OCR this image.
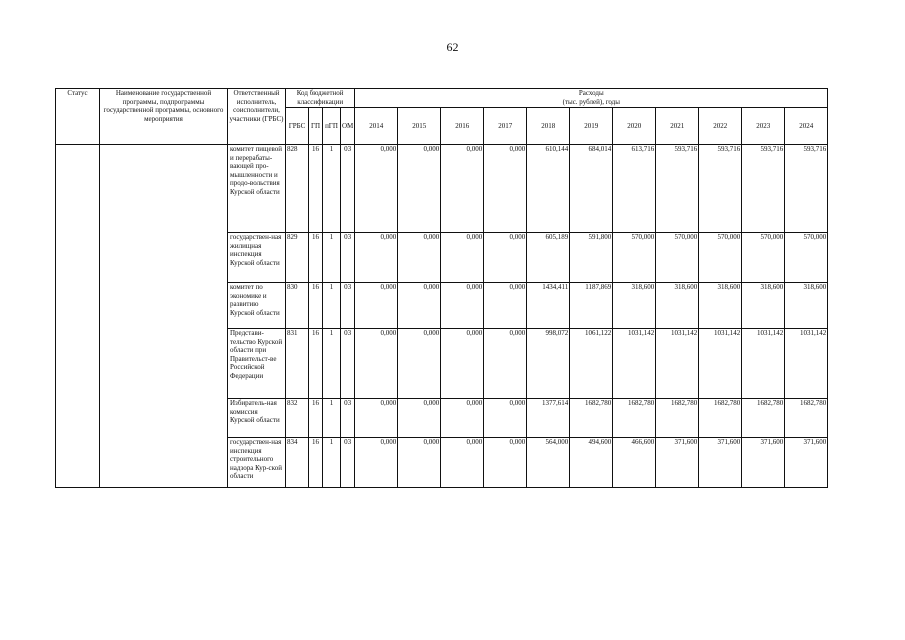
62
Статус	Наименование государственной программы, подпрограммы государственной программы, основного мероприятия	Ответственный исполнитель, соисполнители, участники (ГРБС)	Код бюджетной классификации				Расходы
(тыс. рублей), годы										
			ГРБС	ГП	пГП	ОМ	2014	2015	2016	2017	2018	2019	2020	2021	2022	2023	2024
		комитет пищевой и перерабаты-вающей про-мышленности и продо-вольствия Курской области	828	16	1	03	0,000	0,000	0,000	0,000	610,144	684,014	613,716	593,716	593,716	593,716	593,716
		государствен-ная жилищная инспекция Курской области	829	16	1	03	0,000	0,000	0,000	0,000	605,189	591,800	570,000	570,000	570,000	570,000	570,000
		комитет по экономике и развитию Курской области	830	16	1	03	0,000	0,000	0,000	0,000	1434,411	1187,869	318,600	318,600	318,600	318,600	318,600
		Представи-тельство Курской области при Правительст-ве Российской Федерации	831	16	1	03	0,000	0,000	0,000	0,000	998,072	1061,122	1031,142	1031,142	1031,142	1031,142	1031,142
		Избиратель-ная комиссия Курской области	832	16	1	03	0,000	0,000	0,000	0,000	1377,614	1682,780	1682,780	1682,780	1682,780	1682,780	1682,780
		государствен-ная инспекция строительного надзора Кур-ской области	834	16	1	03	0,000	0,000	0,000	0,000	564,000	494,600	466,600	371,600	371,600	371,600	371,600
